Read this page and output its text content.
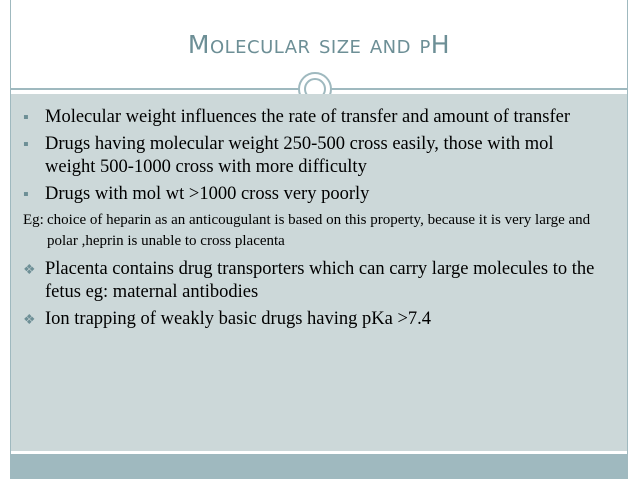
Molecular size and pH
▪ Molecular weight influences the rate of transfer and amount of transfer
▪ Drugs having molecular weight 250-500 cross easily, those with mol weight 500-1000 cross with more difficulty
▪ Drugs with mol wt >1000 cross very poorly
Eg: choice of heparin as an anticougulant is based on this property, because it is very large and polar ,heprin is unable to cross placenta
❖ Placenta contains drug transporters which can carry large molecules to the fetus eg: maternal antibodies
❖ Ion trapping of weakly basic drugs having pKa >7.4
